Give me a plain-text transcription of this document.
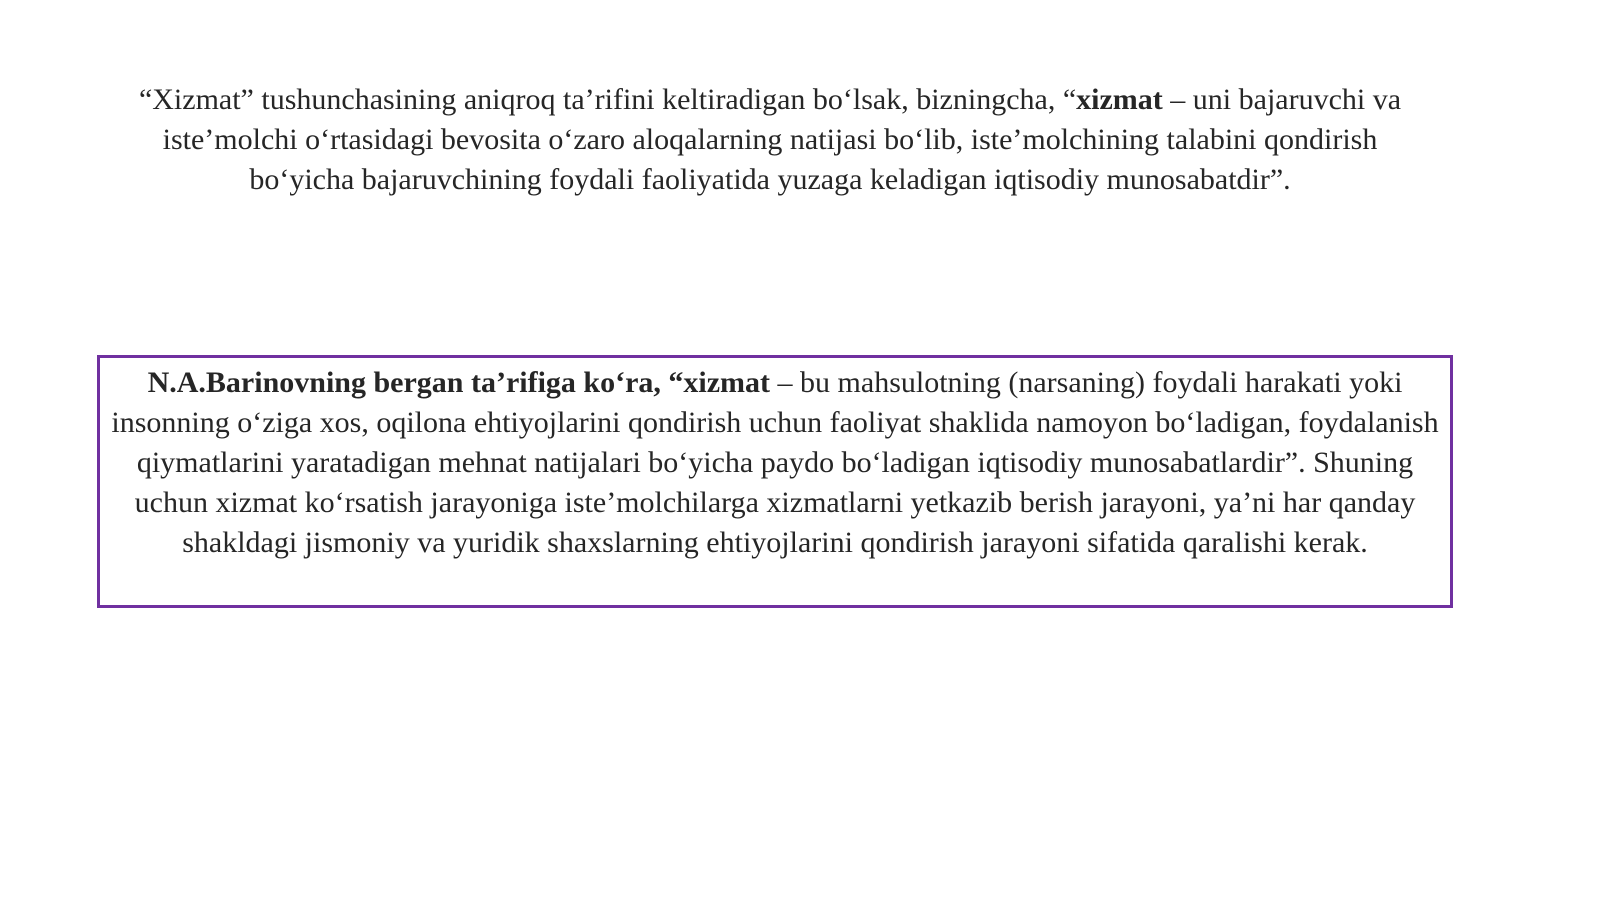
“Xizmat” tushunchasining aniqroq ta’rifini keltiradigan bo‘lsak, bizningcha, “xizmat – uni bajaruvchi va iste’molchi o‘rtasidagi bevosita o‘zaro aloqalarning natijasi bo‘lib, iste’molchining talabini qondirish bo‘yicha bajaruvchining foydali faoliyatida yuzaga keladigan iqtisodiy munosabatdir”.

N.A.Barinovning bergan ta’rifiga ko‘ra, “xizmat – bu mahsulotning (narsaning) foydali harakati yoki insonning o‘ziga xos, oqilona ehtiyojlarini qondirish uchun faoliyat shaklida namoyon bo‘ladigan, foydalanish qiymatlarini yaratadigan mehnat natijalari bo‘yicha paydo bo‘ladigan iqtisodiy munosabatlardir”. Shuning uchun xizmat ko‘rsatish jarayoniga iste’molchilarga xizmatlarni yetkazib berish jarayoni, ya’ni har qanday shakldagi jismoniy va yuridik shaxslarning ehtiyojlarini qondirish jarayoni sifatida qaralishi kerak.
